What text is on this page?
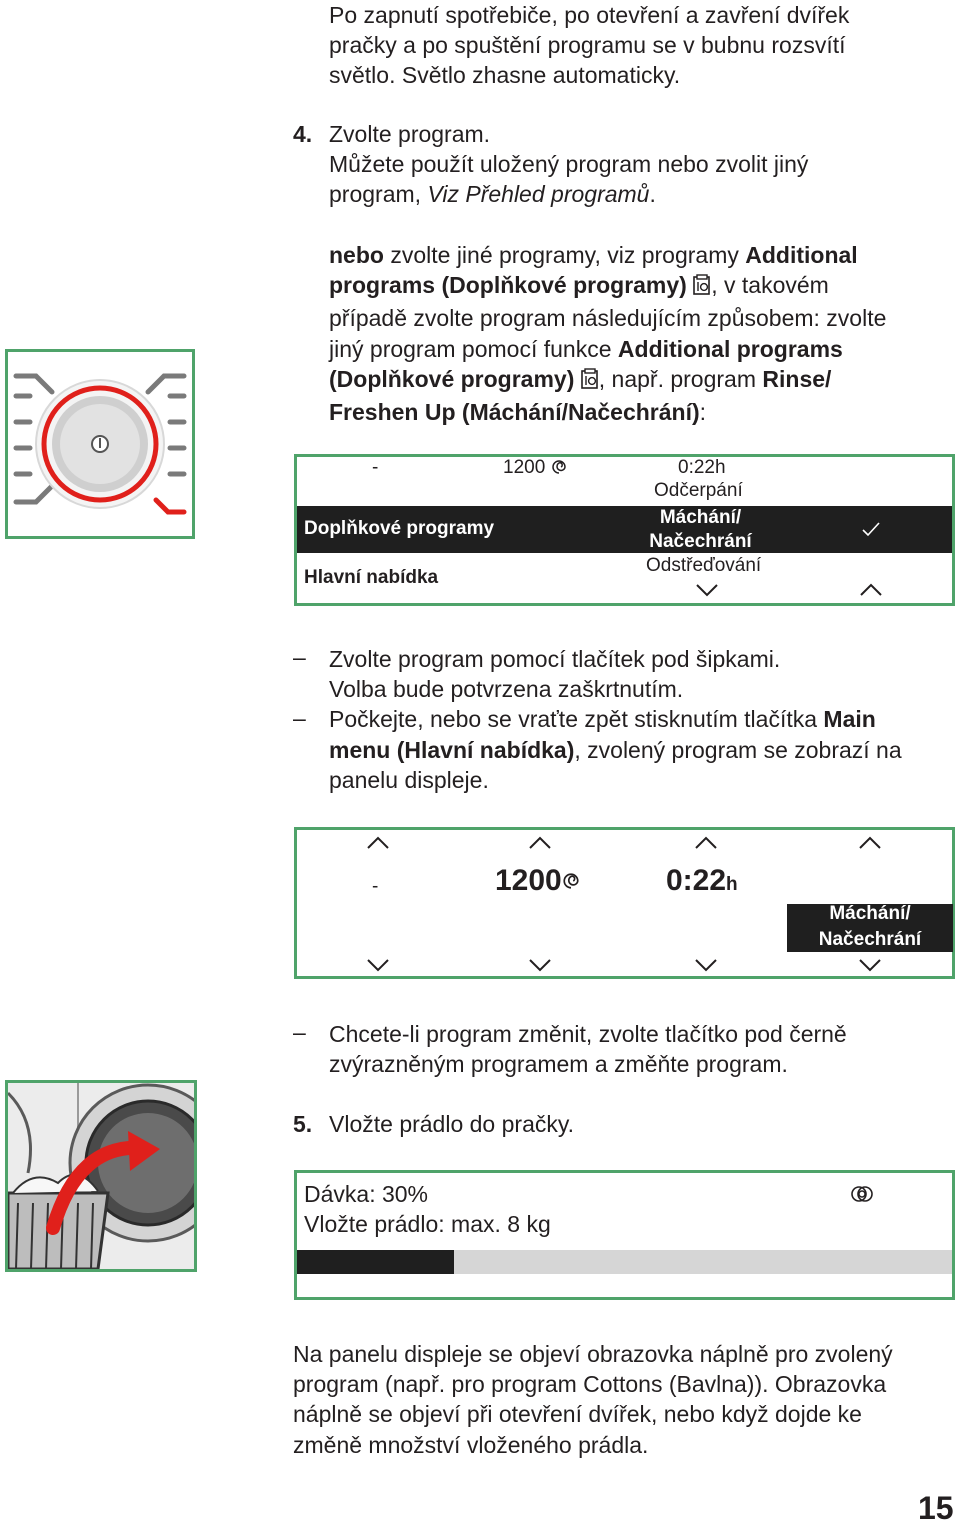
Po zapnutí spotřebiče, po otevření a zavření dvířek
pračky a po spuštění programu se v bubnu rozsvítí
světlo. Světlo zhasne automaticky.
4. Zvolte program.
Můžete použít uložený program nebo zvolit jiný
program, Viz Přehled programů.
nebo zvolte jiné programy, viz programy Additional
programs (Doplňkové programy) , v takovém
případě zvolte program následujícím způsobem: zvolte
jiný program pomocí funkce Additional programs
(Doplňkové programy) , např. program Rinse/
Freshen Up (Máchání/Načechrání):
-	1200	0:22h
Odčerpání
Doplňkové programy
Máchání/
Načechrání
Odstřeďování
Hlavní nabídka
–
–
Zvolte program pomocí tlačítek pod šipkami.
Volba bude potvrzena zaškrtnutím.
Počkejte, nebo se vraťte zpět stisknutím tlačítka Main
menu (Hlavní nabídka), zvolený program se zobrazí na
panelu displeje.
-	1200	0:22h
Máchání/
Načechrání
– Chcete-li program změnit, zvolte tlačítko pod černě
zvýrazněným programem a změňte program.
5. Vložte prádlo do pračky.
Dávka: 30%
Vložte prádlo: max. 8 kg
Na panelu displeje se objeví obrazovka náplně pro zvolený
program (např. pro program Cottons (Bavlna)). Obrazovka
náplně se objeví při otevření dvířek, nebo když dojde ke
změně množství vloženého prádla.
15
